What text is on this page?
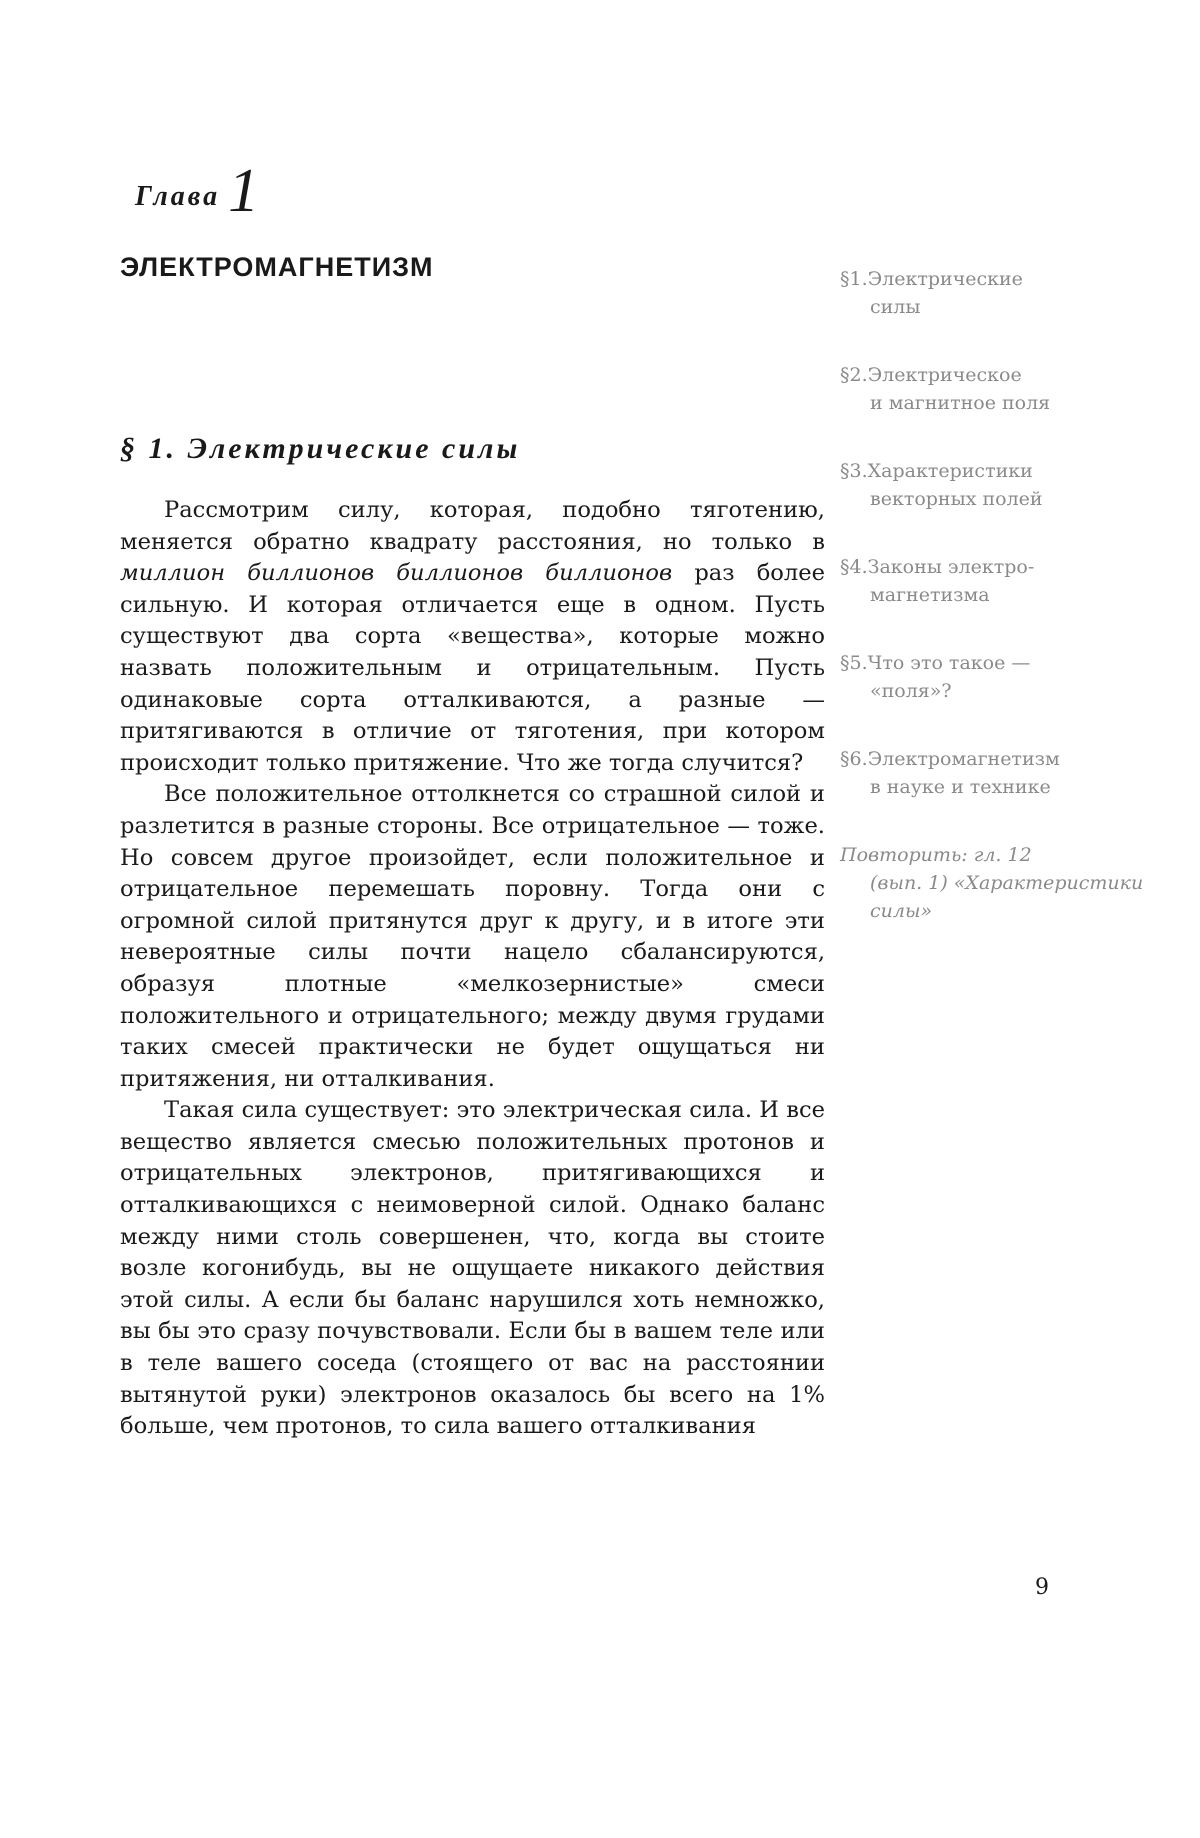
Глава 1
ЭЛЕКТРОМАГНЕТИЗМ
§ 1. Электрические силы

Рассмотрим силу, которая, подобно тяготению, меняется обратно квадрату расстояния, но только в миллион биллионов биллионов биллионов раз более сильную. И которая отличается еще в одном. Пусть существуют два сорта «вещества», которые можно назвать положительным и отрицательным. Пусть одинаковые сорта отталкиваются, а разные — притягиваются в отличие от тяготения, при котором происходит только притяжение. Что же тогда случится?

Все положительное оттолкнется со страшной силой и разлетится в разные стороны. Все отрицательное — тоже. Но совсем другое произойдет, если положительное и отрицательное перемешать поровну. Тогда они с огромной силой притянутся друг к другу, и в итоге эти невероятные силы почти нацело сбалансируются, образуя плотные «мелкозернистые» смеси положительного и отрицательного; между двумя грудами таких смесей практически не будет ощущаться ни притяжения, ни отталкивания.

Такая сила существует: это электрическая сила. И все вещество является смесью положительных протонов и отрицательных электронов, притягивающихся и отталкивающихся с неимоверной силой. Однако баланс между ними столь совершенен, что, когда вы стоите возле когонибудь, вы не ощущаете никакого действия этой силы. А если бы баланс нарушился хоть немножко, вы бы это сразу почувствовали. Если бы в вашем теле или в теле вашего соседа (стоящего от вас на расстоянии вытянутой руки) электронов оказалось бы всего на 1% больше, чем протонов, то сила вашего отталкивания

§1.Электрические
силы
§2.Электрическое
и магнитное поля
§3.Характеристики
векторных полей
§4.Законы электро-
магнетизма
§5.Что это такое —
«поля»?
§6.Электромагнетизм
в науке и технике
Повторить: гл. 12
(вып. 1) «Характеристики силы»
9
